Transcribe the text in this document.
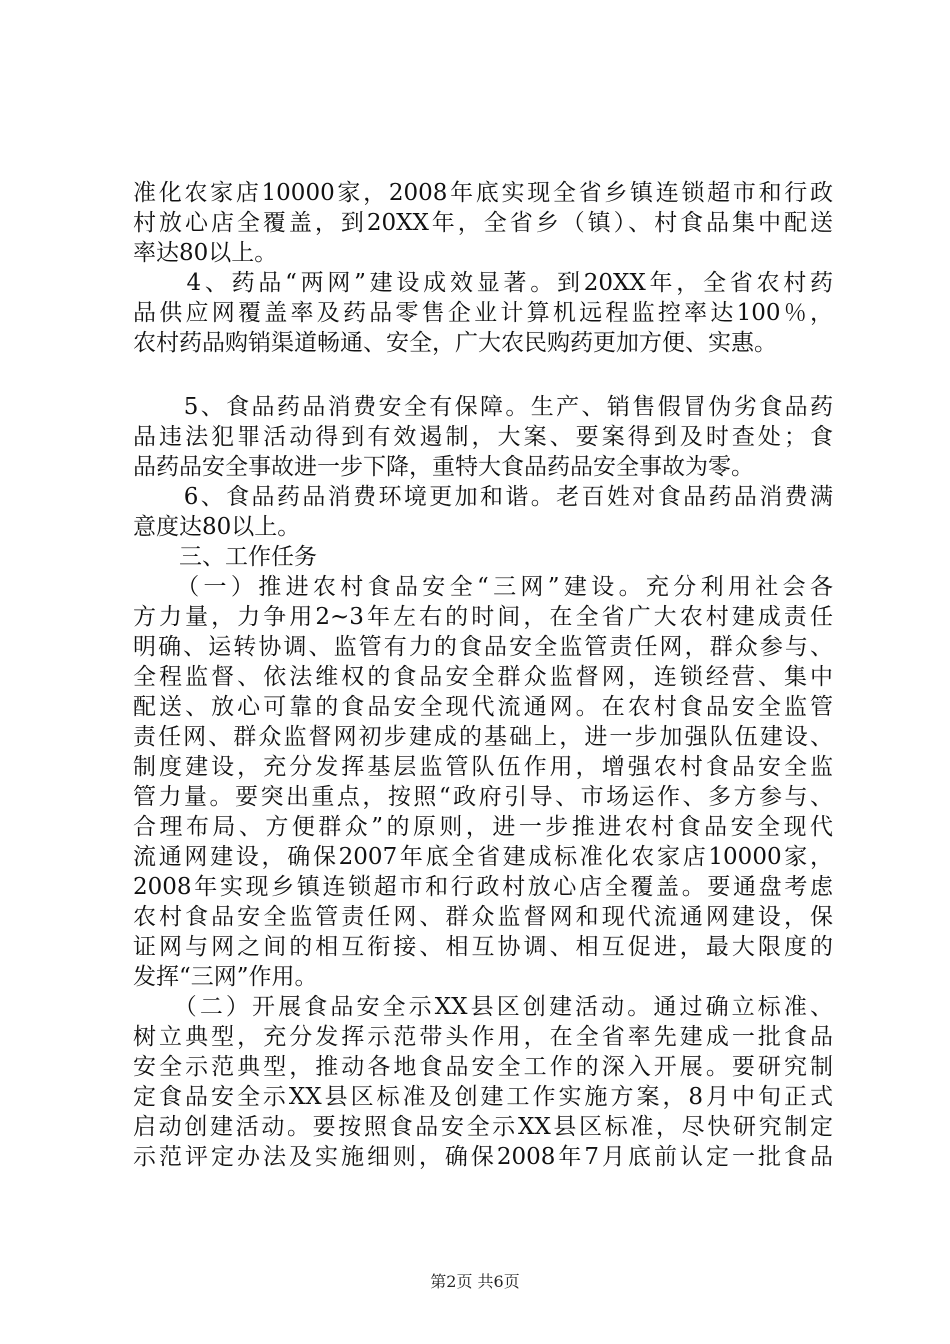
准化农家店10000家，2008年底实现全省乡镇连锁超市和行政
村放心店全覆盖，到20XX年，全省乡（镇）、村食品集中配送
率达80以上。
　　4、药品“两网”建设成效显著。到20XX年，全省农村药
品供应网覆盖率及药品零售企业计算机远程监控率达100％，
农村药品购销渠道畅通、安全，广大农民购药更加方便、实惠。
　　5、食品药品消费安全有保障。生产、销售假冒伪劣食品药
品违法犯罪活动得到有效遏制，大案、要案得到及时查处；食
品药品安全事故进一步下降，重特大食品药品安全事故为零。
　　6、食品药品消费环境更加和谐。老百姓对食品药品消费满
意度达80以上。
　　三、工作任务
　　（一）推进农村食品安全“三网”建设。充分利用社会各
方力量，力争用2~3年左右的时间，在全省广大农村建成责任
明确、运转协调、监管有力的食品安全监管责任网，群众参与、
全程监督、依法维权的食品安全群众监督网，连锁经营、集中
配送、放心可靠的食品安全现代流通网。在农村食品安全监管
责任网、群众监督网初步建成的基础上，进一步加强队伍建设、
制度建设，充分发挥基层监管队伍作用，增强农村食品安全监
管力量。要突出重点，按照“政府引导、市场运作、多方参与、
合理布局、方便群众”的原则，进一步推进农村食品安全现代
流通网建设，确保2007年底全省建成标准化农家店10000家，
2008年实现乡镇连锁超市和行政村放心店全覆盖。要通盘考虑
农村食品安全监管责任网、群众监督网和现代流通网建设，保
证网与网之间的相互衔接、相互协调、相互促进，最大限度的
发挥“三网”作用。
　　（二）开展食品安全示XX县区创建活动。通过确立标准、
树立典型，充分发挥示范带头作用，在全省率先建成一批食品
安全示范典型，推动各地食品安全工作的深入开展。要研究制
定食品安全示XX县区标准及创建工作实施方案，8月中旬正式
启动创建活动。要按照食品安全示XX县区标准，尽快研究制定
示范评定办法及实施细则，确保2008年7月底前认定一批食品
第2页 共6页
